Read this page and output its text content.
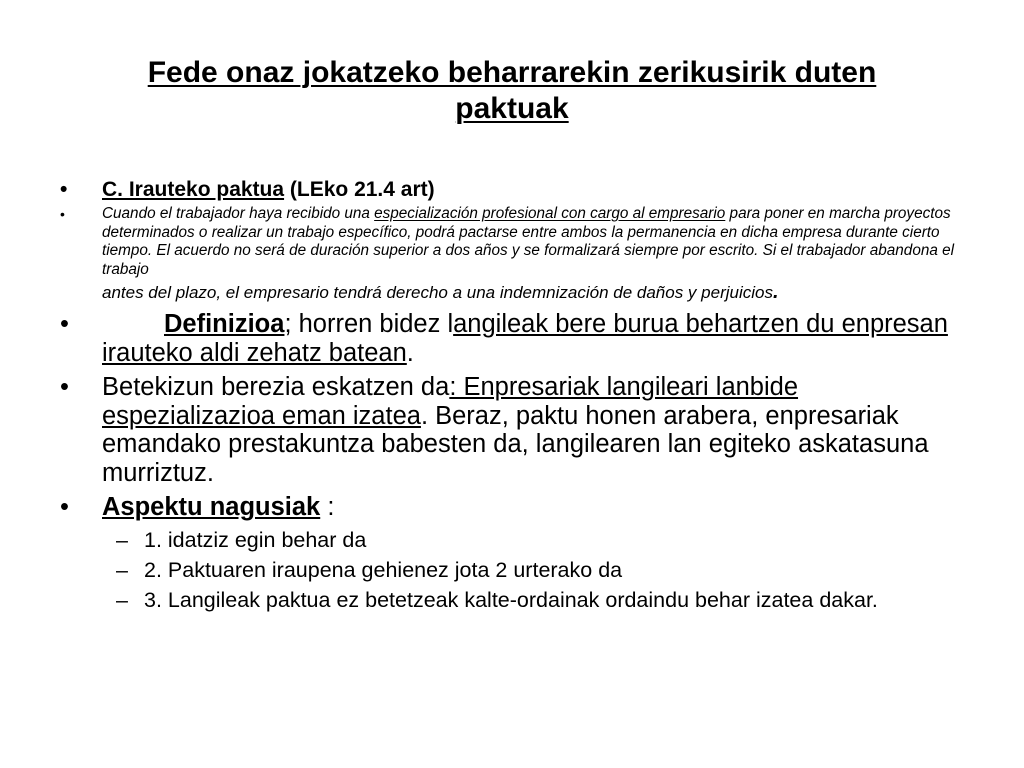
Fede onaz jokatzeko beharrarekin zerikusirik duten
paktuak
• C. Irauteko paktua (LEko 21.4 art)
• Cuando el trabajador haya recibido una especialización profesional con cargo al empresario para poner en marcha proyectos determinados o realizar un trabajo específico, podrá pactarse entre ambos la permanencia en dicha empresa durante cierto tiempo. El acuerdo no será de duración superior a dos años y se formalizará siempre por escrito. Si el trabajador abandona el trabajo
antes del plazo, el empresario tendrá derecho a una indemnización de daños y perjuicios.
•	Definizioa; horren bidez langileak bere burua behartzen du enpresan irauteko aldi zehatz batean.
• Betekizun berezia eskatzen da: Enpresariak langileari lanbide espezializazioa eman izatea. Beraz, paktu honen arabera, enpresariak emandako prestakuntza babesten da, langilearen lan egiteko askatasuna murriztuz.
• Aspektu nagusiak :
– 1. idatziz egin behar da
– 2. Paktuaren iraupena gehienez jota 2 urterako da
– 3. Langileak paktua ez betetzeak kalte-ordainak ordaindu behar izatea dakar.
